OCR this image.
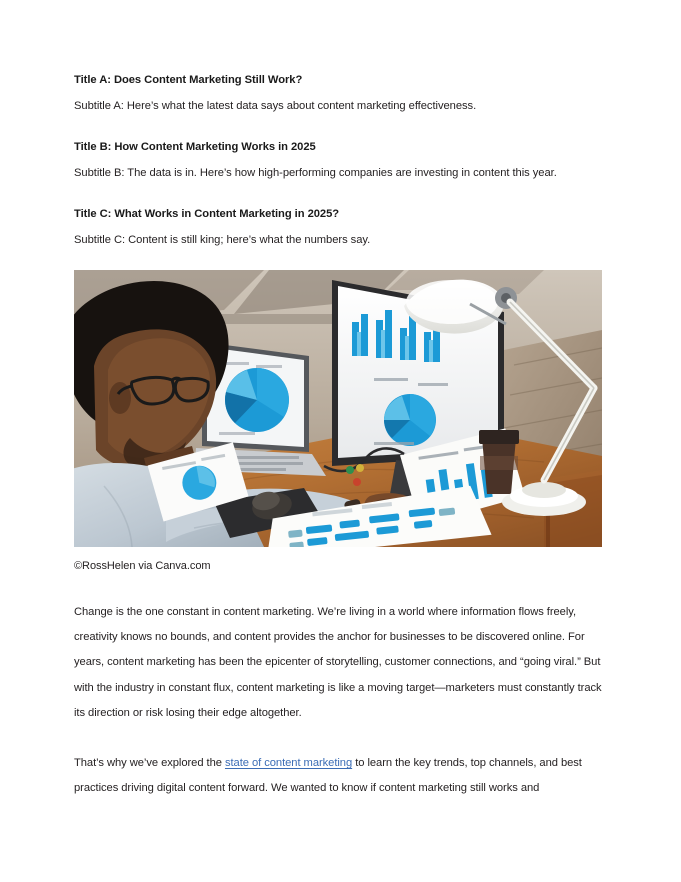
Title A: Does Content Marketing Still Work?

Subtitle A: Here’s what the latest data says about content marketing effectiveness.

Title B: How Content Marketing Works in 2025

Subtitle B: The data is in. Here’s how high-performing companies are investing in content this year.

Title C: What Works in Content Marketing in 2025?

Subtitle C: Content is still king; here’s what the numbers say.

©RossHelen via Canva.com

Change is the one constant in content marketing. We’re living in a world where information flows freely, creativity knows no bounds, and content provides the anchor for businesses to be discovered online. For years, content marketing has been the epicenter of storytelling, customer connections, and “going viral.” But with the industry in constant flux, content marketing is like a moving target—marketers must constantly track its direction or risk losing their edge altogether.

That’s why we’ve explored the state of content marketing to learn the key trends, top channels, and best practices driving digital content forward. We wanted to know if content marketing still works and
